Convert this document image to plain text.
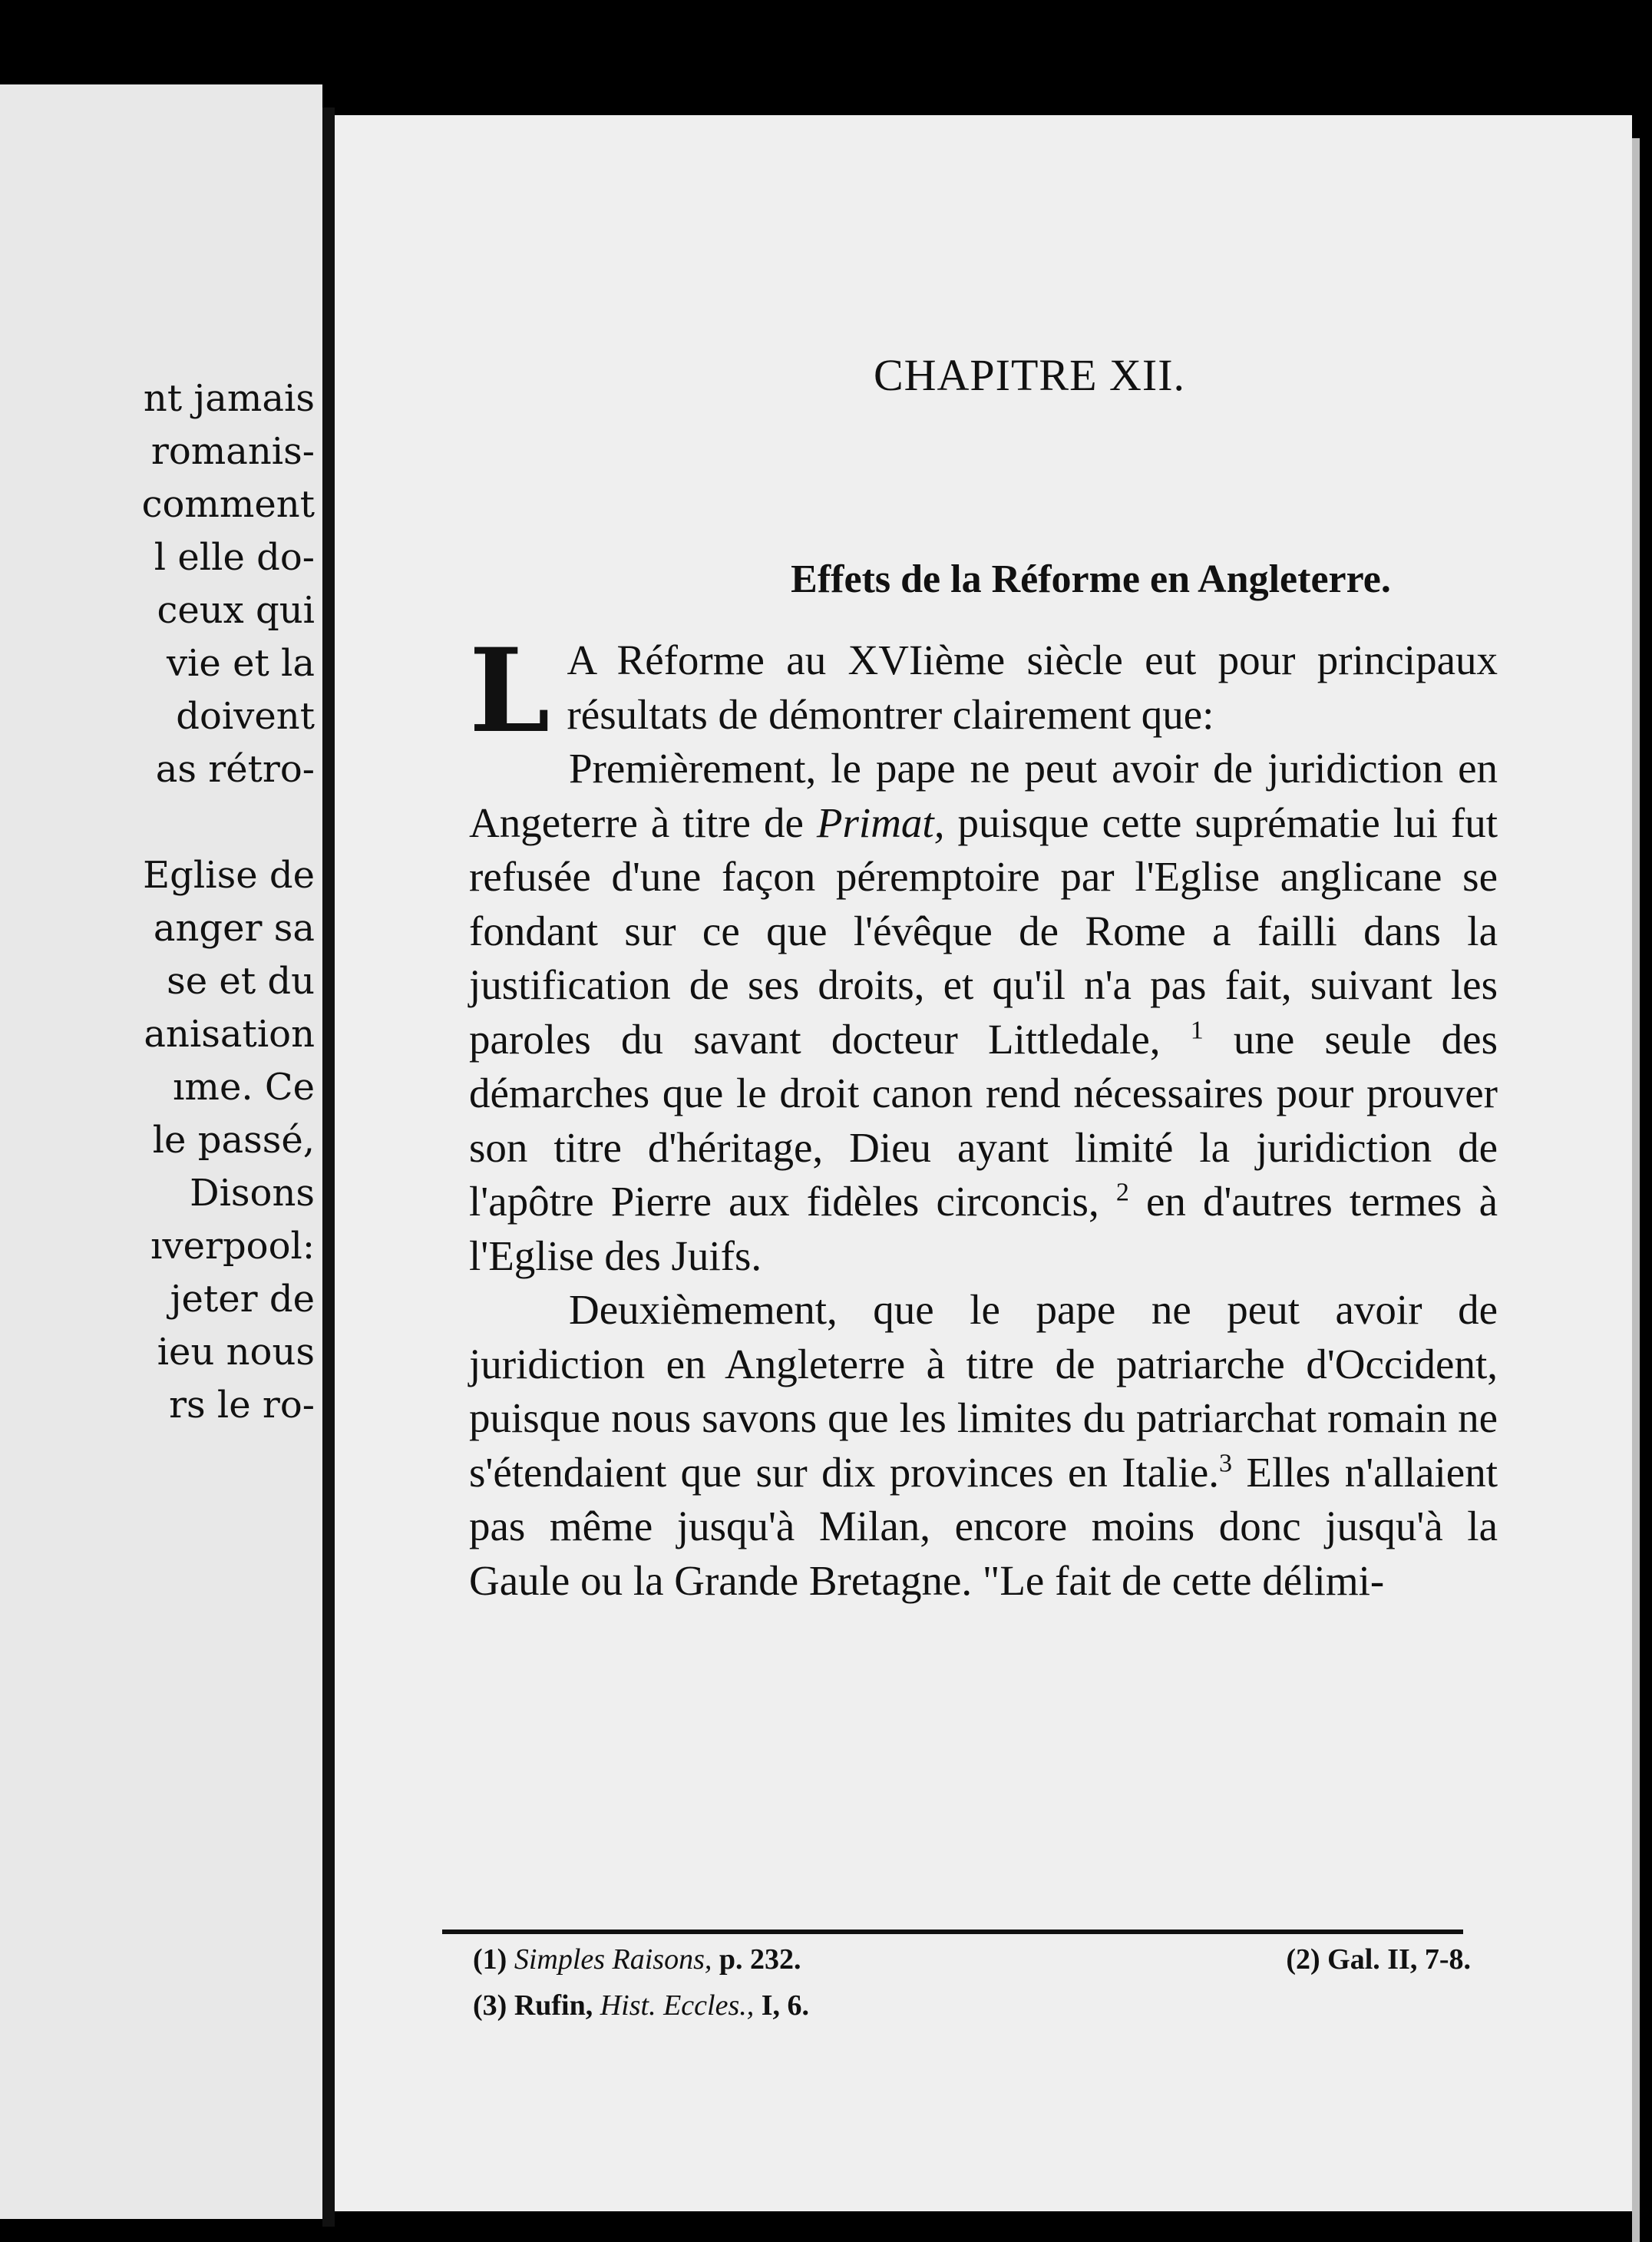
nt jamais
romanis-
comment
l elle do-
ceux qui
vie et la
doivent
as rétro-
Eglise de
anger sa
se et du
anisation
ıme. Ce
le passé,
Disons
ıverpool:
jeter de
ieu nous
rs le ro-
CHAPITRE XII.
Effets de la Réforme en Angleterre.

L A Réforme au XVIième siècle eut pour principaux résultats de démontrer clairement que:

Premièrement, le pape ne peut avoir de juridiction en Angeterre à titre de Primat, puisque cette suprématie lui fut refusée d'une façon péremptoire par l'Eglise anglicane se fondant sur ce que l'évêque de Rome a failli dans la justification de ses droits, et qu'il n'a pas fait, suivant les paroles du savant docteur Littledale, $^1$ une seule des démarches que le droit canon rend nécessaires pour prouver son titre d'héritage, Dieu ayant limité la juridiction de l'apôtre Pierre aux fidèles circoncis, $^2$ en d'autres termes à l'Eglise des Juifs.

Deuxièmement, que le pape ne peut avoir de juridiction en Angleterre à titre de patriarche d'Occident, puisque nous savons que les limites du patriarchat romain ne s'étendaient que sur dix provinces en Italie.$^3$ Elles n'allaient pas même jusqu'à Milan, encore moins donc jusqu'à la Gaule ou la Grande Bretagne. "Le fait de cette délimi-

(1) Simples Raisons, p. 232.	(2) Gal. II, 7-8.
(3) Rufin, Hist. Eccles., I, 6.
